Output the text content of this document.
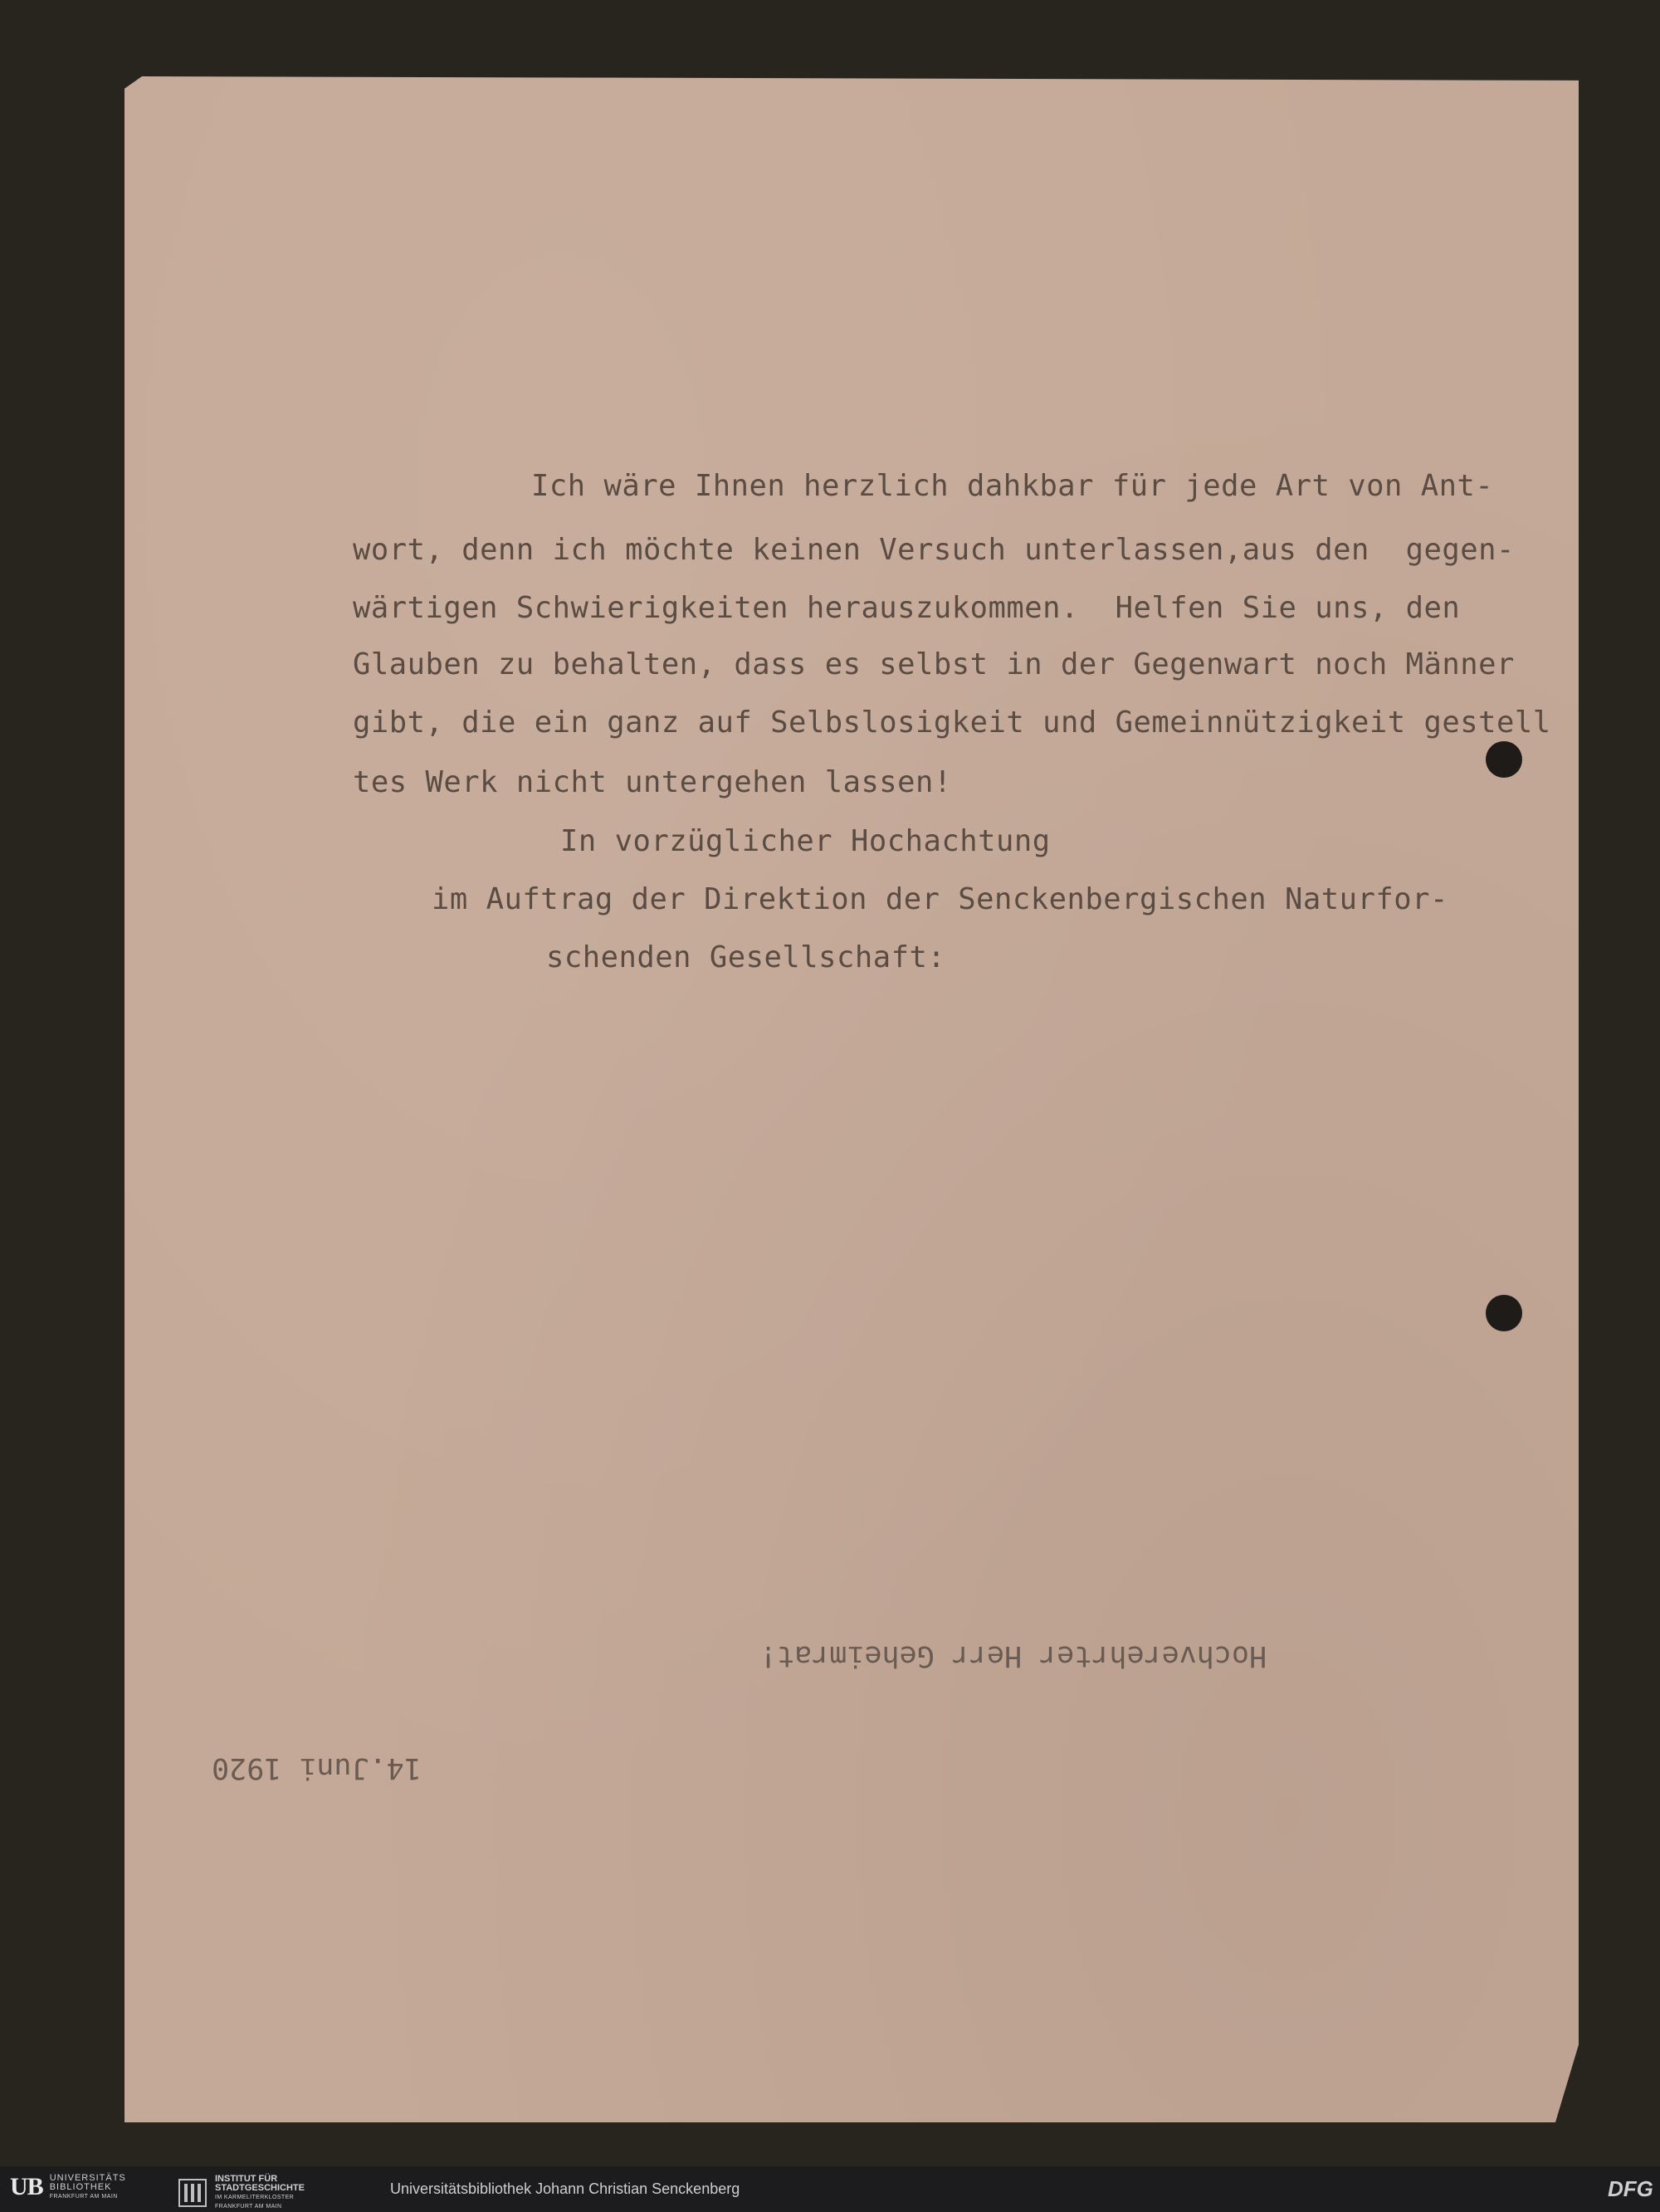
Ich wäre Ihnen herzlich dahkbar für jede Art von Ant-
wort, denn ich möchte keinen Versuch unterlassen,aus den  gegen-
wärtigen Schwierigkeiten herauszukommen.  Helfen Sie uns, den
Glauben zu behalten, dass es selbst in der Gegenwart noch Männer
gibt, die ein ganz auf Selbslosigkeit und Gemeinnützigkeit gestell
tes Werk nicht untergehen lassen!
In vorzüglicher Hochachtung
im Auftrag der Direktion der Senckenbergischen Naturfor-
schenden Gesellschaft:
Hochverehrter Herr Geheimrat!
14.Juni 1920
UB UNIVERSITÄTS
BIBLIOTHEK
FRANKFURT AM MAIN
INSTITUT FÜR
STADTGESCHICHTE
IM KARMELITERKLOSTER
FRANKFURT AM MAIN
Universitätsbibliothek Johann Christian Senckenberg	DFG
